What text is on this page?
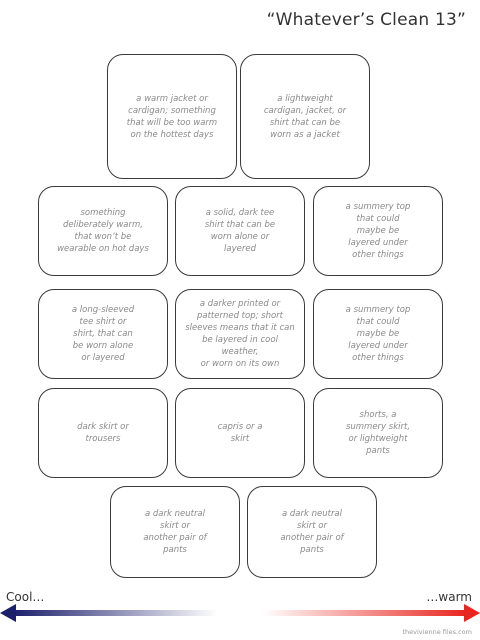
“Whatever’s Clean 13”
a warm jacket or
cardigan; something
that will be too warm
on the hottest days
a lightweight
cardigan, jacket, or
shirt that can be
worn as a jacket
something
deliberately warm,
that won’t be
wearable on hot days
a solid, dark tee
shirt that can be
worn alone or
layered
a summery top
that could
maybe be
layered under
other things
a long-sleeved
tee shirt or
shirt, that can
be worn alone
or layered
a darker printed or
patterned top; short
sleeves means that it can
be layered in cool weather,
or worn on its own
a summery top
that could
maybe be
layered under
other things
dark skirt or
trousers
capris or a
skirt
shorts, a
summery skirt,
or lightweight
pants
a dark neutral
skirt or
another pair of
pants
a dark neutral
skirt or
another pair of
pants
Cool…	…warm
thevivienne files.com
